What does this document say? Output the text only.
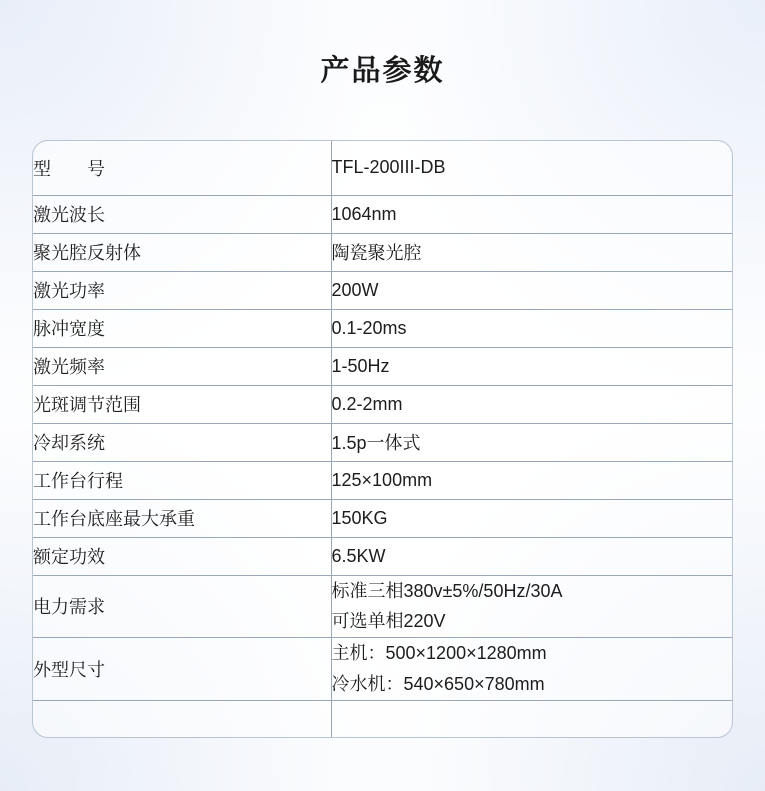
产品参数
型　　号	TFL-200III-DB
激光波长	1064nm
聚光腔反射体	陶瓷聚光腔
激光功率	200W
脉冲宽度	0.1-20ms
激光频率	1-50Hz
光斑调节范围	0.2-2mm
冷却系统	1.5p一体式
工作台行程	125×100mm
工作台底座最大承重	150KG
额定功效	6.5KW
电力需求	标准三相380v±5%/50Hz/30A
可选单相220V

外型尺寸	主机：500×1200×1280mm
冷水机：540×650×780mm
